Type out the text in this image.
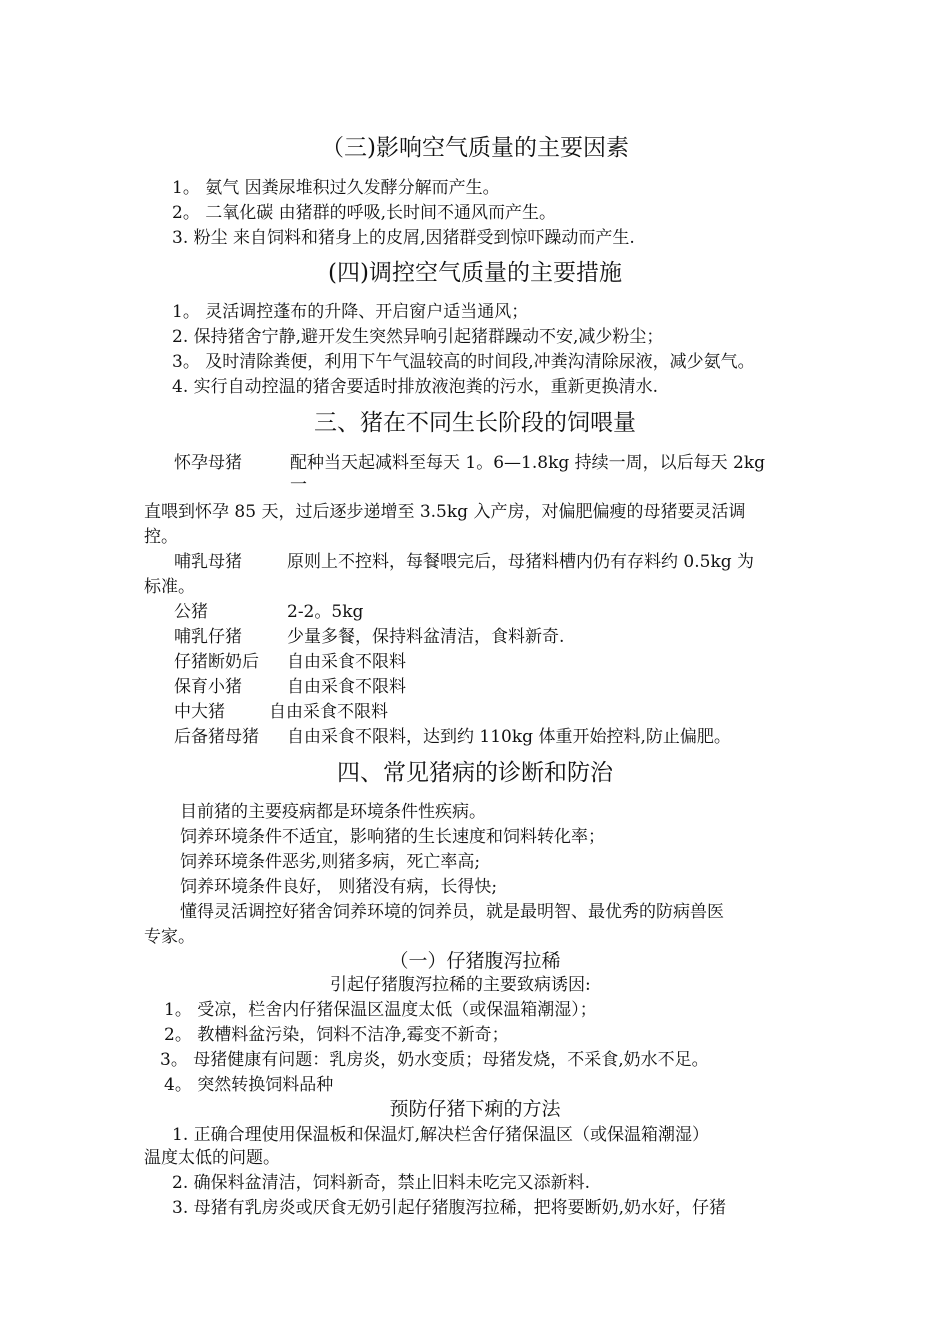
（三)影响空气质量的主要因素
1。 氨气 因粪尿堆积过久发酵分解而产生。
2。 二氧化碳 由猪群的呼吸,长时间不通风而产生。
3. 粉尘 来自饲料和猪身上的皮屑,因猪群受到惊吓躁动而产生.
(四)调控空气质量的主要措施
1。 灵活调控蓬布的升降、开启窗户适当通风；
2. 保持猪舍宁静,避开发生突然异响引起猪群躁动不安,减少粉尘；
3。 及时清除粪便，利用下午气温较高的时间段,冲粪沟清除尿液，减少氨气。
4. 实行自动控温的猪舍要适时排放液泡粪的污水，重新更换清水.
三、猪在不同生长阶段的饲喂量
怀孕母猪	配种当天起减料至每天 1。6—1.8kg 持续一周，以后每天 2kg
一
直喂到怀孕 85 天，过后逐步递增至 3.5kg 入产房，对偏肥偏瘦的母猪要灵活调
控。
哺乳母猪	原则上不控料，每餐喂完后，母猪料槽内仍有存料约 0.5kg 为
标准。
公猪	2-2。5kg
哺乳仔猪	少量多餐，保持料盆清洁，食料新奇.
仔猪断奶后 自由采食不限料
保育小猪	自由采食不限料
中大猪	自由采食不限料
后备猪母猪 自由采食不限料，达到约 110kg 体重开始控料,防止偏肥。
四、常见猪病的诊断和防治
目前猪的主要疫病都是环境条件性疾病。
饲养环境条件不适宜，影响猪的生长速度和饲料转化率；
饲养环境条件恶劣,则猪多病，死亡率高;
饲养环境条件良好， 则猪没有病，长得快;
懂得灵活调控好猪舍饲养环境的饲养员，就是最明智、最优秀的防病兽医
专家。
（一）仔猪腹泻拉稀
引起仔猪腹泻拉稀的主要致病诱因:
1。 受凉，栏舍内仔猪保温区温度太低（或保温箱潮湿）；
2。 教槽料盆污染，饲料不洁净,霉变不新奇；
3。 母猪健康有问题：乳房炎，奶水变质；母猪发烧，不采食,奶水不足。
4。 突然转换饲料品种
预防仔猪下痢的方法
1. 正确合理使用保温板和保温灯,解决栏舍仔猪保温区（或保温箱潮湿）
温度太低的问题。
2. 确保料盆清洁，饲料新奇，禁止旧料未吃完又添新料.
3. 母猪有乳房炎或厌食无奶引起仔猪腹泻拉稀，把将要断奶,奶水好，仔猪
